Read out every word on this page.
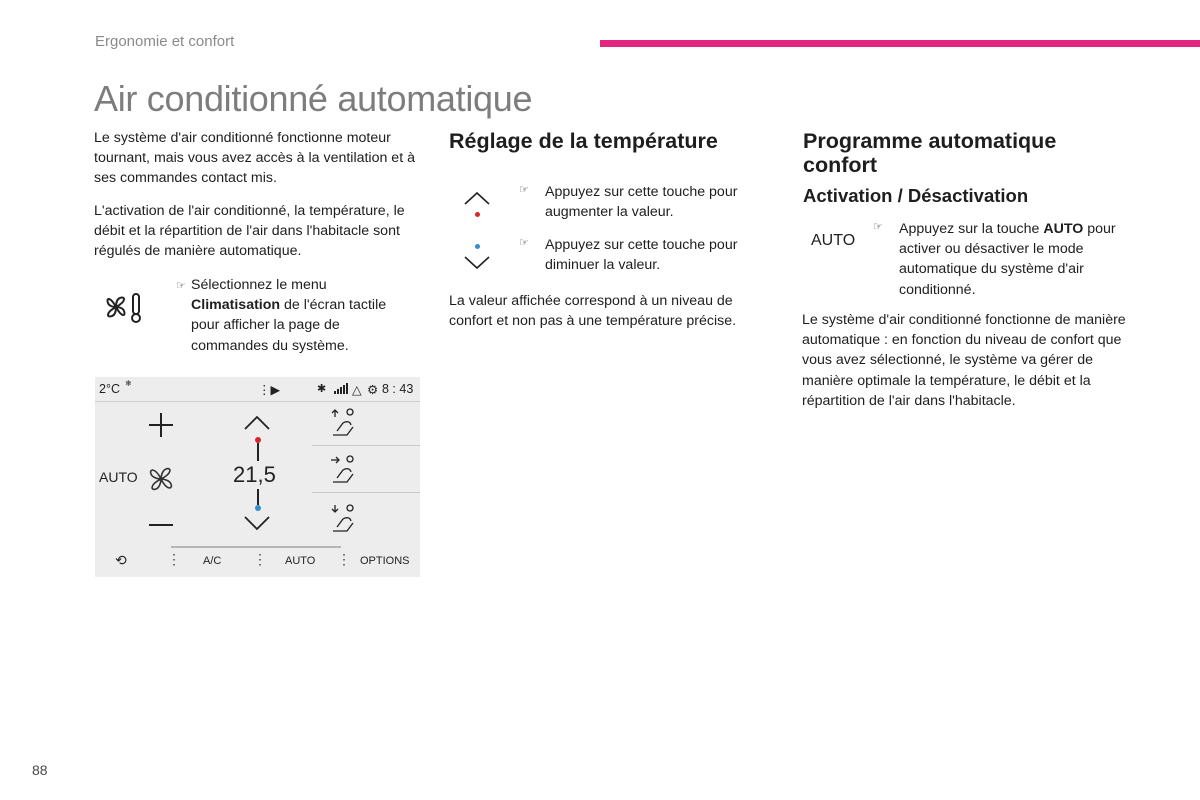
Ergonomie et confort
Air conditionné automatique

Le système d'air conditionné fonctionne moteur tournant, mais vous avez accès à la ventilation et à ses commandes contact mis.

L'activation de l'air conditionné, la température, le débit et la répartition de l'air dans l'habitacle sont régulés de manière automatique.

☞ Sélectionnez le menu Climatisation de l'écran tactile pour afficher la page de commandes du système.

2°C ❄	⋮▶	✱ △ ⚙ 8 : 43
AUTO	21,5
⟲	⋮ A/C ⋮ AUTO ⋮ OPTIONS
Réglage de la température
☞ Appuyez sur cette touche pour augmenter la valeur.

☞ Appuyez sur cette touche pour diminuer la valeur.

La valeur affichée correspond à un niveau de confort et non pas à une température précise.

Programme automatique confort
Activation / Désactivation
AUTO
☞ Appuyez sur la touche AUTO pour activer ou désactiver le mode automatique du système d'air conditionné.

Le système d'air conditionné fonctionne de manière automatique : en fonction du niveau de confort que vous avez sélectionné, le système va gérer de manière optimale la température, le débit et la répartition de l'air dans l'habitacle.

88
